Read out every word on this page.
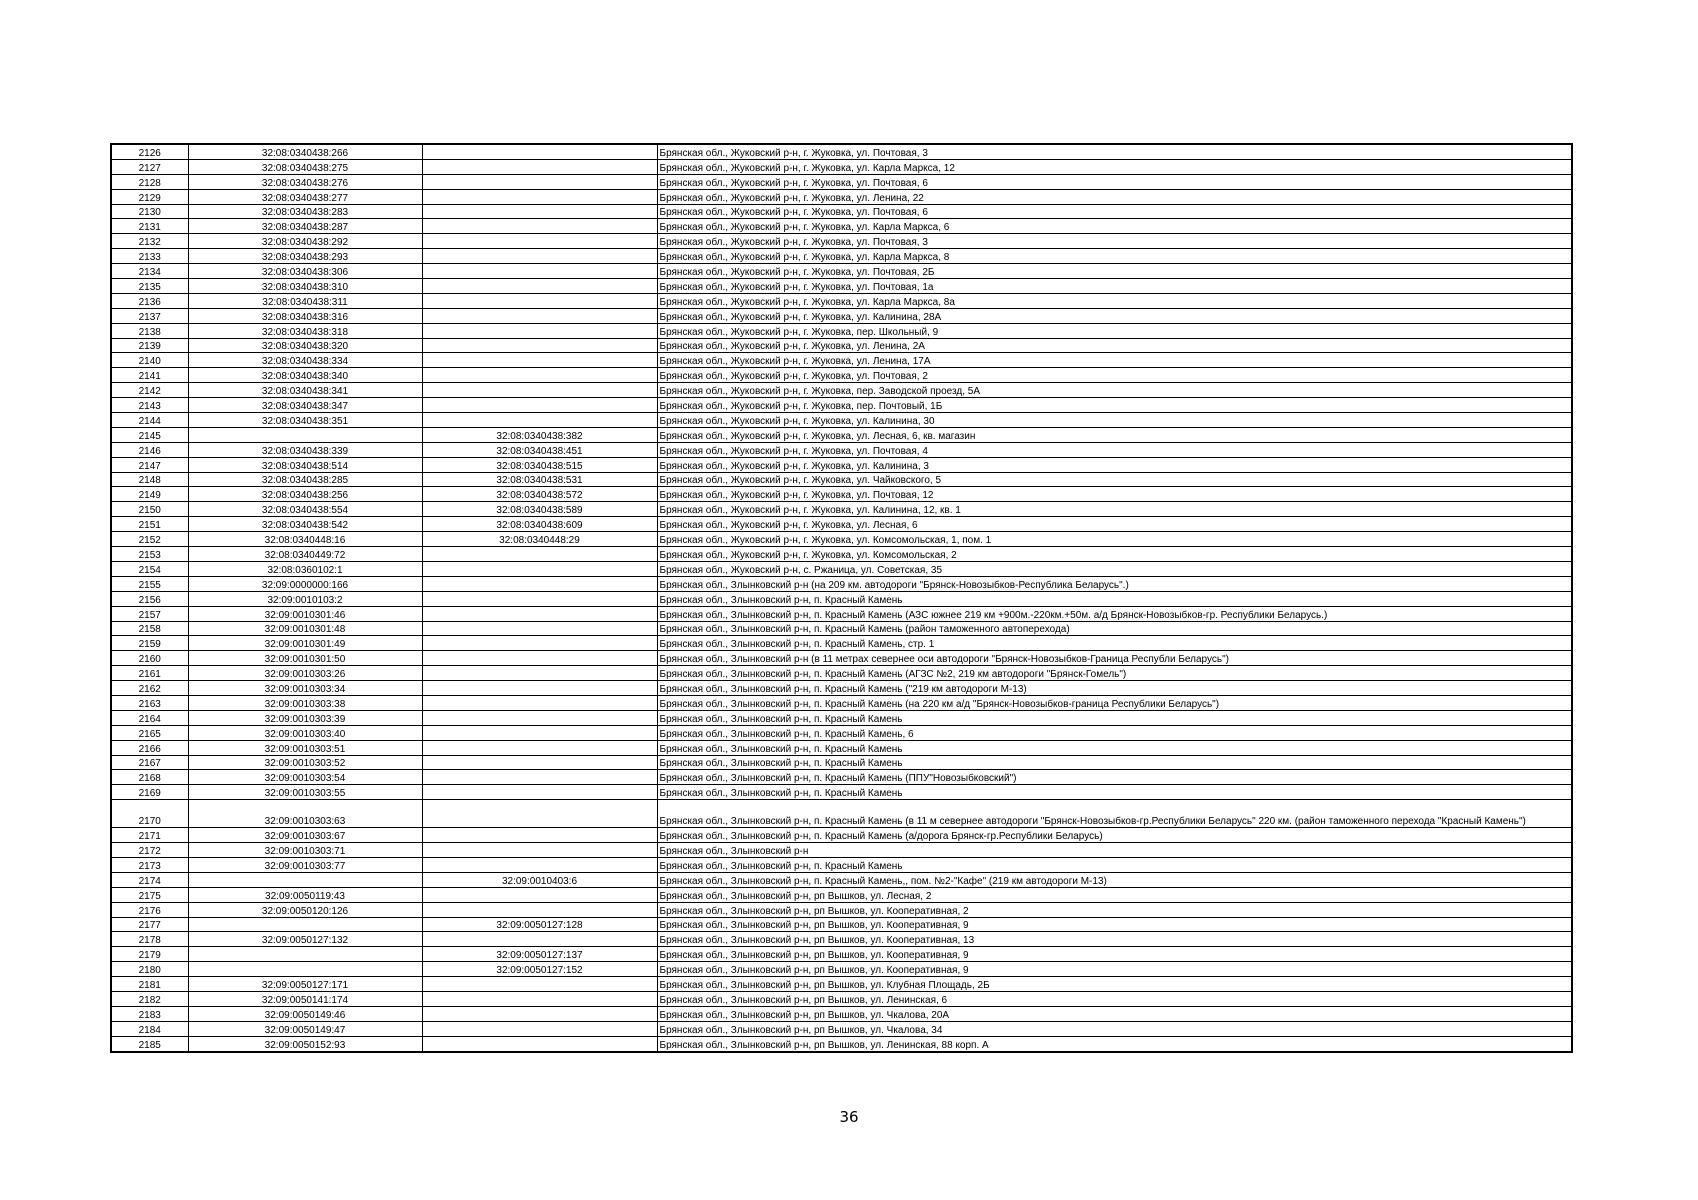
2126	32:08:0340438:266		Брянская обл., Жуковский р-н, г. Жуковка, ул. Почтовая, 3
2127	32:08:0340438:275		Брянская обл., Жуковский р-н, г. Жуковка, ул. Карла Маркса, 12
2128	32:08:0340438:276		Брянская обл., Жуковский р-н, г. Жуковка, ул. Почтовая, 6
2129	32:08:0340438:277		Брянская обл., Жуковский р-н, г. Жуковка, ул. Ленина, 22
2130	32:08:0340438:283		Брянская обл., Жуковский р-н, г. Жуковка, ул. Почтовая, 6
2131	32:08:0340438:287		Брянская обл., Жуковский р-н, г. Жуковка, ул. Карла Маркса, 6
2132	32:08:0340438:292		Брянская обл., Жуковский р-н, г. Жуковка, ул. Почтовая, 3
2133	32:08:0340438:293		Брянская обл., Жуковский р-н, г. Жуковка, ул. Карла Маркса, 8
2134	32:08:0340438:306		Брянская обл., Жуковский р-н, г. Жуковка, ул. Почтовая, 2Б
2135	32:08:0340438:310		Брянская обл., Жуковский р-н, г. Жуковка, ул. Почтовая, 1а
2136	32:08:0340438:311		Брянская обл., Жуковский р-н, г. Жуковка, ул. Карла Маркса, 8а
2137	32:08:0340438:316		Брянская обл., Жуковский р-н, г. Жуковка, ул. Калинина, 28А
2138	32:08:0340438:318		Брянская обл., Жуковский р-н, г. Жуковка, пер. Школьный, 9
2139	32:08:0340438:320		Брянская обл., Жуковский р-н, г. Жуковка, ул. Ленина, 2А
2140	32:08:0340438:334		Брянская обл., Жуковский р-н, г. Жуковка, ул. Ленина, 17А
2141	32:08:0340438:340		Брянская обл., Жуковский р-н, г. Жуковка, ул. Почтовая, 2
2142	32:08:0340438:341		Брянская обл., Жуковский р-н, г. Жуковка, пер. Заводской проезд, 5А
2143	32:08:0340438:347		Брянская обл., Жуковский р-н, г. Жуковка, пер. Почтовый, 1Б
2144	32:08:0340438:351		Брянская обл., Жуковский р-н, г. Жуковка, ул. Калинина, 30
2145		32:08:0340438:382	Брянская обл., Жуковский р-н, г. Жуковка, ул. Лесная, 6, кв. магазин
2146	32:08:0340438:339	32:08:0340438:451	Брянская обл., Жуковский р-н, г. Жуковка, ул. Почтовая, 4
2147	32:08:0340438:514	32:08:0340438:515	Брянская обл., Жуковский р-н, г. Жуковка, ул. Калинина, 3
2148	32:08:0340438:285	32:08:0340438:531	Брянская обл., Жуковский р-н, г. Жуковка, ул. Чайковского, 5
2149	32:08:0340438:256	32:08:0340438:572	Брянская обл., Жуковский р-н, г. Жуковка, ул. Почтовая, 12
2150	32:08:0340438:554	32:08:0340438:589	Брянская обл., Жуковский р-н, г. Жуковка, ул. Калинина, 12, кв. 1
2151	32:08:0340438:542	32:08:0340438:609	Брянская обл., Жуковский р-н, г. Жуковка, ул. Лесная, 6
2152	32:08:0340448:16	32:08:0340448:29	Брянская обл., Жуковский р-н, г. Жуковка, ул. Комсомольская, 1, пом. 1
2153	32:08:0340449:72		Брянская обл., Жуковский р-н, г. Жуковка, ул. Комсомольская, 2
2154	32:08:0360102:1		Брянская обл., Жуковский р-н, с. Ржаница, ул. Советская, 35
2155	32:09:0000000:166		Брянская обл., Злынковский р-н (на 209 км. автодороги "Брянск-Новозыбков-Республика Беларусь".)
2156	32:09:0010103:2		Брянская обл., Злынковский р-н, п. Красный Камень
2157	32:09:0010301:46		Брянская обл., Злынковский р-н, п. Красный Камень (АЗС южнее 219 км +900м.-220км.+50м. а/д Брянск-Новозыбков-гр. Республики Беларусь.)
2158	32:09:0010301:48		Брянская обл., Злынковский р-н, п. Красный Камень (район таможенного автоперехода)
2159	32:09:0010301:49		Брянская обл., Злынковский р-н, п. Красный Камень, стр. 1
2160	32:09:0010301:50		Брянская обл., Злынковский р-н (в 11 метрах севернее оси автодороги "Брянск-Новозыбков-Граница Республи Беларусь")
2161	32:09:0010303:26		Брянская обл., Злынковский р-н, п. Красный Камень (АГЗС №2, 219 км автодороги "Брянск-Гомель")
2162	32:09:0010303:34		Брянская обл., Злынковский р-н, п. Красный Камень ("219 км автодороги М-13)
2163	32:09:0010303:38		Брянская обл., Злынковский р-н, п. Красный Камень (на 220 км а/д "Брянск-Новозыбков-граница Республики Беларусь")
2164	32:09:0010303:39		Брянская обл., Злынковский р-н, п. Красный Камень
2165	32:09:0010303:40		Брянская обл., Злынковский р-н, п. Красный Камень, 6
2166	32:09:0010303:51		Брянская обл., Злынковский р-н, п. Красный Камень
2167	32:09:0010303:52		Брянская обл., Злынковский р-н, п. Красный Камень
2168	32:09:0010303:54		Брянская обл., Злынковский р-н, п. Красный Камень (ППУ"Новозыбковский")
2169	32:09:0010303:55		Брянская обл., Злынковский р-н, п. Красный Камень
2170	32:09:0010303:63		Брянская обл., Злынковский р-н, п. Красный Камень (в 11 м севернее автодороги "Брянск-Новозыбков-гр.Республики Беларусь" 220 км. (район таможенного перехода "Красный Камень")
2171	32:09:0010303:67		Брянская обл., Злынковский р-н, п. Красный Камень (а/дорога Брянск-гр.Республики Беларусь)
2172	32:09:0010303:71		Брянская обл., Злынковский р-н
2173	32:09:0010303:77		Брянская обл., Злынковский р-н, п. Красный Камень
2174		32:09:0010403:6	Брянская обл., Злынковский р-н, п. Красный Камень,, пом. №2-"Кафе" (219 км автодороги М-13)
2175	32:09:0050119:43		Брянская обл., Злынковский р-н, рп Вышков, ул. Лесная, 2
2176	32:09:0050120:126		Брянская обл., Злынковский р-н, рп Вышков, ул. Кооперативная, 2
2177		32:09:0050127:128	Брянская обл., Злынковский р-н, рп Вышков, ул. Кооперативная, 9
2178	32:09:0050127:132		Брянская обл., Злынковский р-н, рп Вышков, ул. Кооперативная, 13
2179		32:09:0050127:137	Брянская обл., Злынковский р-н, рп Вышков, ул. Кооперативная, 9
2180		32:09:0050127:152	Брянская обл., Злынковский р-н, рп Вышков, ул. Кооперативная, 9
2181	32:09:0050127:171		Брянская обл., Злынковский р-н, рп Вышков, ул. Клубная Площадь, 2Б
2182	32:09:0050141:174		Брянская обл., Злынковский р-н, рп Вышков, ул. Ленинская, 6
2183	32:09:0050149:46		Брянская обл., Злынковский р-н, рп Вышков, ул. Чкалова, 20А
2184	32:09:0050149:47		Брянская обл., Злынковский р-н, рп Вышков, ул. Чкалова, 34
2185	32:09:0050152:93		Брянская обл., Злынковский р-н, рп Вышков, ул. Ленинская, 88 корп. А
36
